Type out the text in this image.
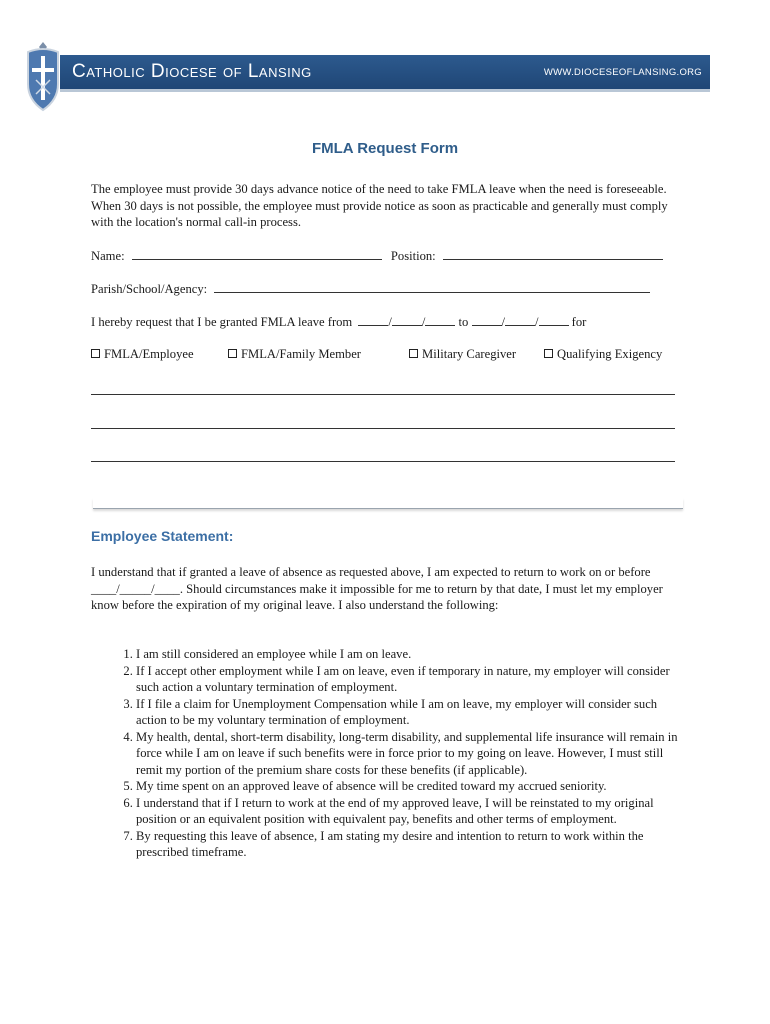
Catholic Diocese of Lansing	WWW.DIOCESEOFLANSING.ORG
FMLA Request Form
The employee must provide 30 days advance notice of the need to take FMLA leave when the need is foreseeable. When 30 days is not possible, the employee must provide notice as soon as practicable and generally must comply with the location's normal call-in process.
Name:	Position:
Parish/School/Agency:
I hereby request that I be granted FMLA leave from	/ /	to	/ /	for
FMLA/Employee	FMLA/Family Member	Military Caregiver	Qualifying Exigency
Employee Statement:
I understand that if granted a leave of absence as requested above, I am expected to return to work on or before ____/_____/____. Should circumstances make it impossible for me to return by that date, I must let my employer know before the expiration of my original leave. I also understand the following:
1. I am still considered an employee while I am on leave.
2. If I accept other employment while I am on leave, even if temporary in nature, my employer will consider such action a voluntary termination of employment.
3. If I file a claim for Unemployment Compensation while I am on leave, my employer will consider such action to be my voluntary termination of employment.
4. My health, dental, short-term disability, long-term disability, and supplemental life insurance will remain in force while I am on leave if such benefits were in force prior to my going on leave. However, I must still remit my portion of the premium share costs for these benefits (if applicable).
5. My time spent on an approved leave of absence will be credited toward my accrued seniority.
6. I understand that if I return to work at the end of my approved leave, I will be reinstated to my original position or an equivalent position with equivalent pay, benefits and other terms of employment.
7. By requesting this leave of absence, I am stating my desire and intention to return to work within the prescribed timeframe.
